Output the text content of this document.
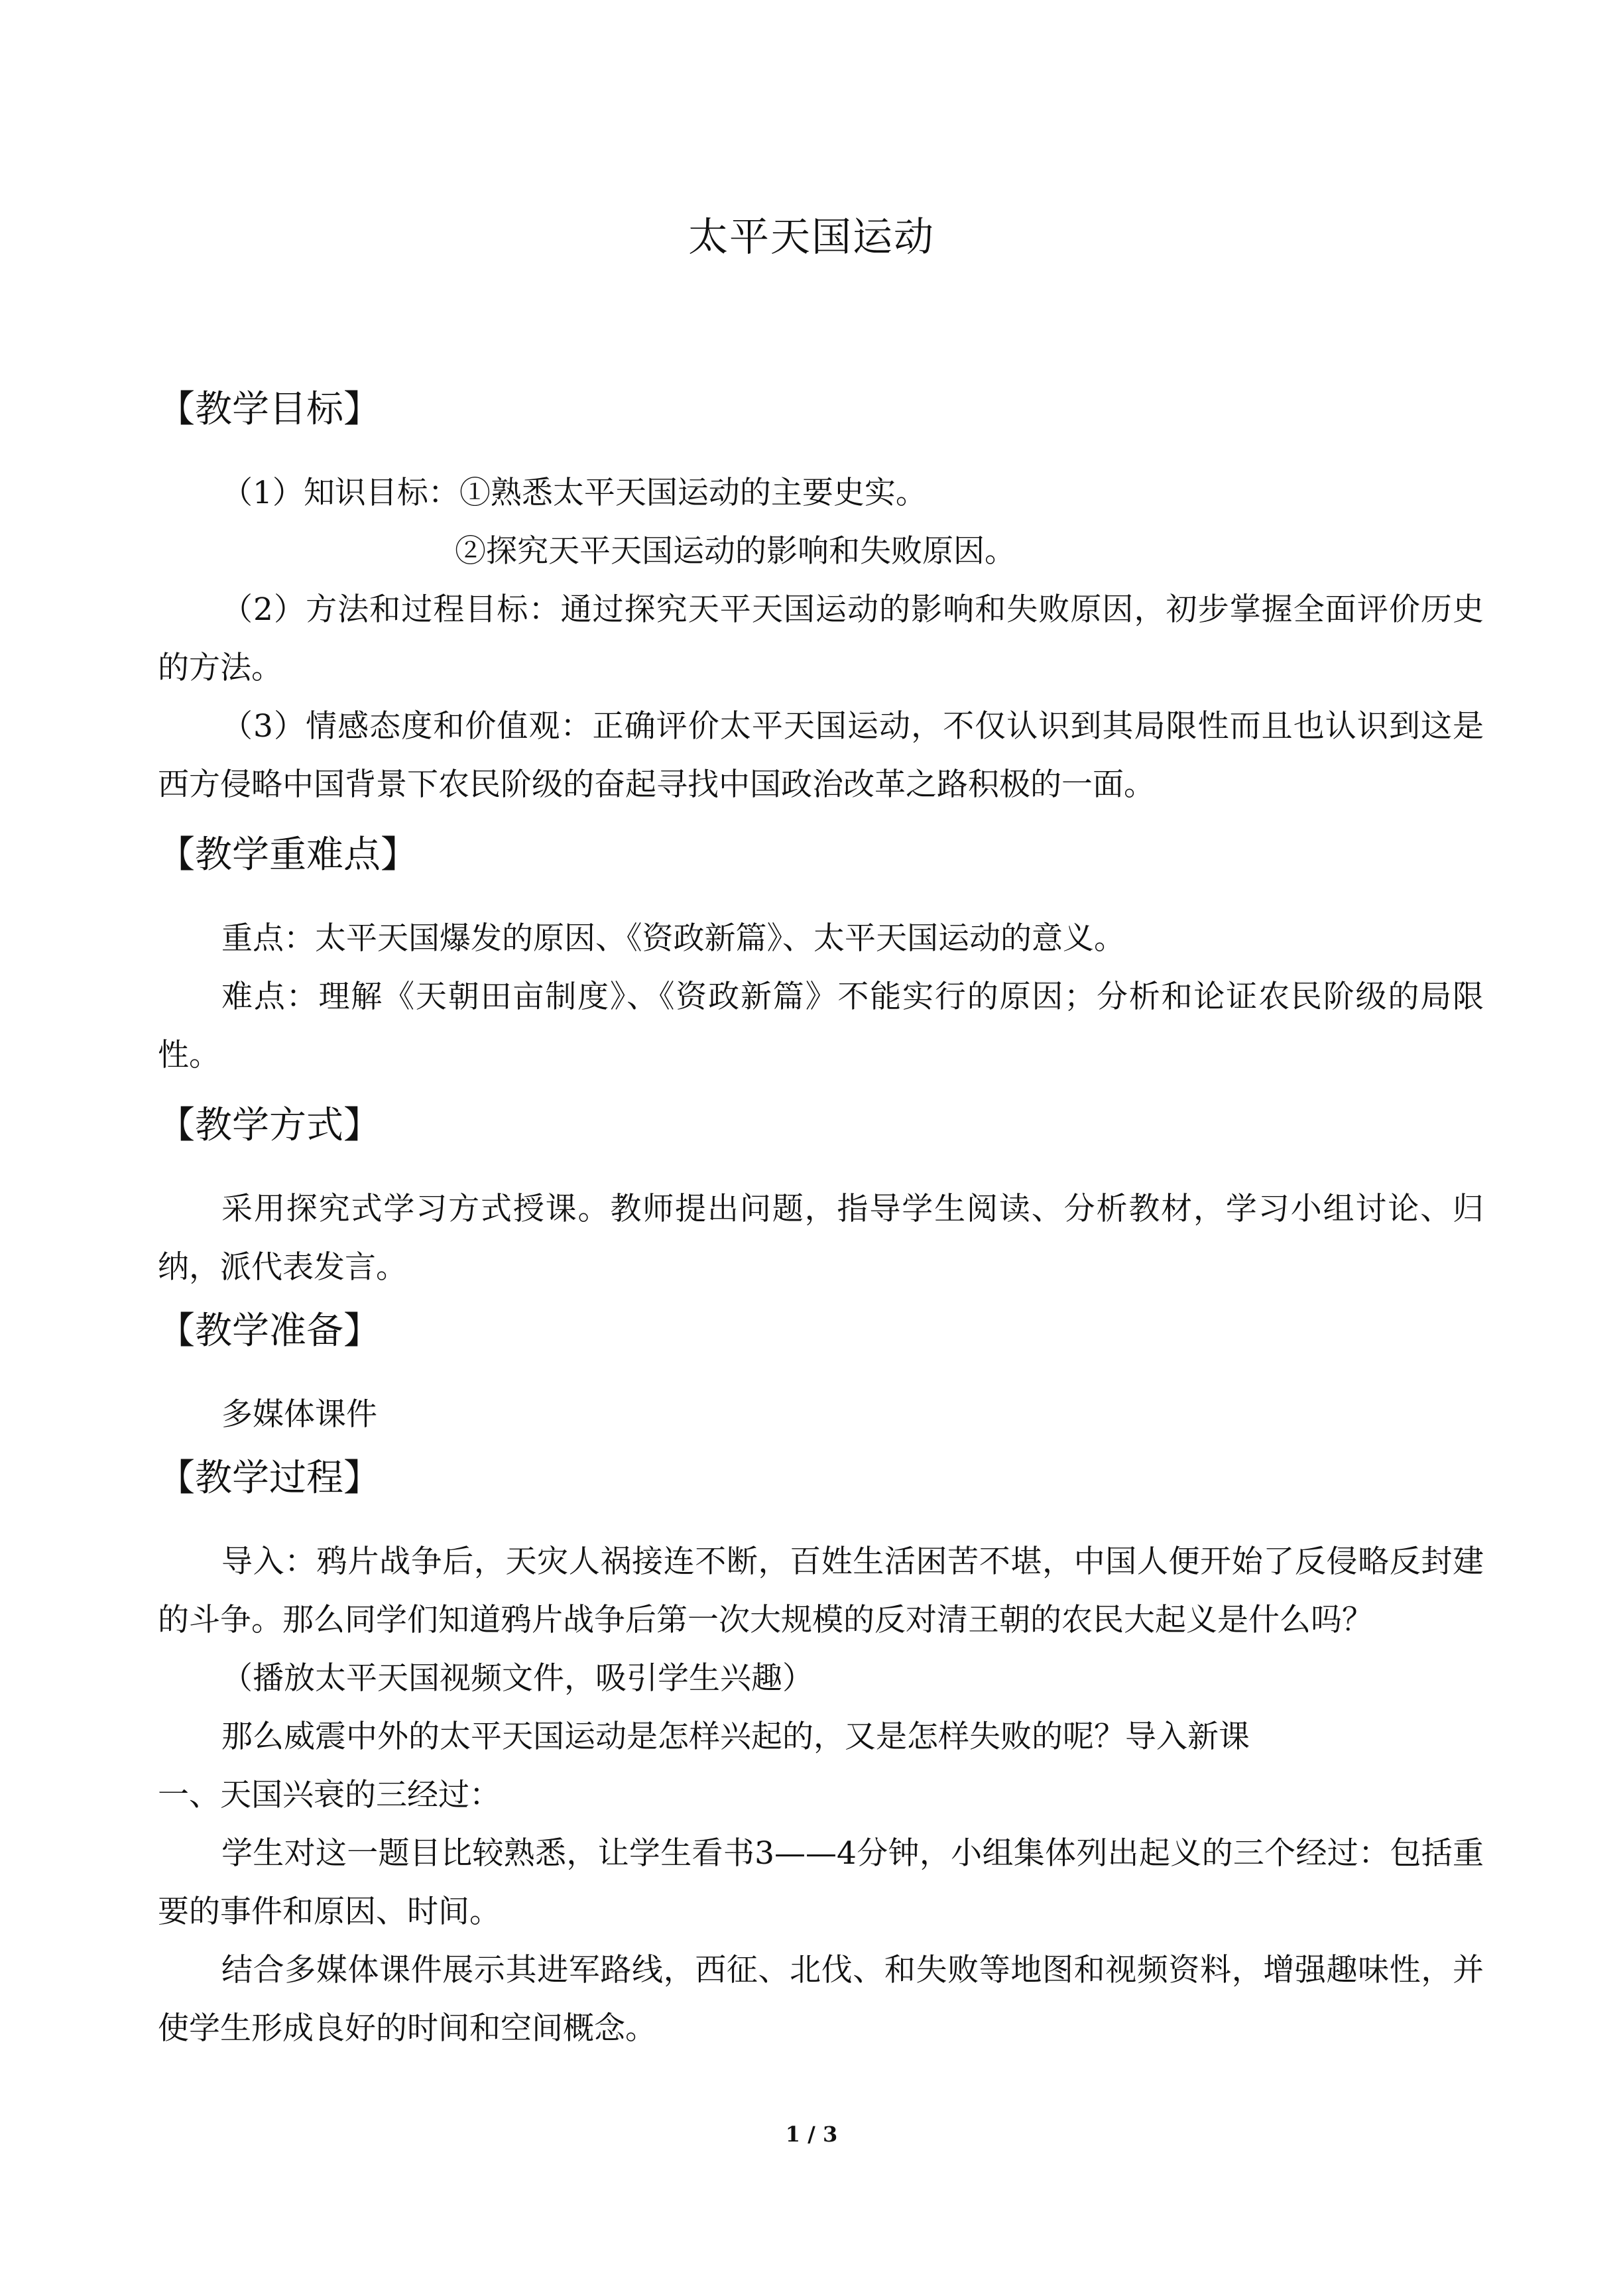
太平天国运动
【教学目标】
（1）知识目标：①熟悉太平天国运动的主要史实。
②探究天平天国运动的影响和失败原因。
（2）方法和过程目标：通过探究天平天国运动的影响和失败原因，初步掌握全面评价历史的方法。
（3）情感态度和价值观：正确评价太平天国运动，不仅认识到其局限性而且也认识到这是西方侵略中国背景下农民阶级的奋起寻找中国政治改革之路积极的一面。
【教学重难点】
重点：太平天国爆发的原因、《资政新篇》、太平天国运动的意义。
难点：理解《天朝田亩制度》、《资政新篇》不能实行的原因；分析和论证农民阶级的局限性。
【教学方式】
采用探究式学习方式授课。教师提出问题，指导学生阅读、分析教材，学习小组讨论、归纳，派代表发言。
【教学准备】
多媒体课件
【教学过程】
导入：鸦片战争后，天灾人祸接连不断，百姓生活困苦不堪，中国人便开始了反侵略反封建的斗争。那么同学们知道鸦片战争后第一次大规模的反对清王朝的农民大起义是什么吗？
（播放太平天国视频文件，吸引学生兴趣）
那么威震中外的太平天国运动是怎样兴起的，又是怎样失败的呢？导入新课
一、天国兴衰的三经过：
学生对这一题目比较熟悉，让学生看书3——4分钟，小组集体列出起义的三个经过：包括重要的事件和原因、时间。
结合多媒体课件展示其进军路线，西征、北伐、和失败等地图和视频资料，增强趣味性，并使学生形成良好的时间和空间概念。
1 / 3
